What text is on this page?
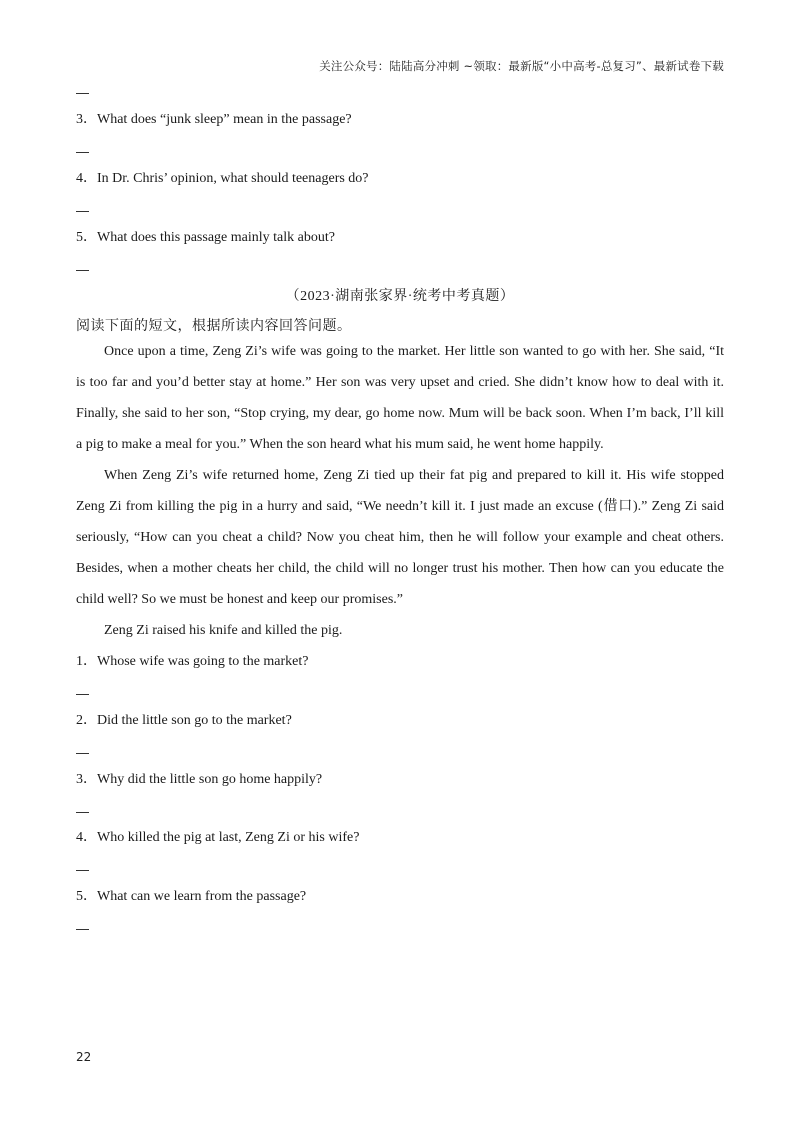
关注公众号：陆陆高分冲刺 ~领取：最新版“小中高考-总复习”、最新试卷下载
3．What does “junk sleep” mean in the passage?
4．In Dr. Chris’ opinion, what should teenagers do?
5．What does this passage mainly talk about?
（2023·湖南张家界·统考中考真题）
阅读下面的短文，根据所读内容回答问题。
Once upon a time, Zeng Zi’s wife was going to the market. Her little son wanted to go with her. She said, “It is too far and you’d better stay at home.” Her son was very upset and cried. She didn’t know how to deal with it. Finally, she said to her son, “Stop crying, my dear, go home now. Mum will be back soon. When I’m back, I’ll kill a pig to make a meal for you.” When the son heard what his mum said, he went home happily.
When Zeng Zi’s wife returned home, Zeng Zi tied up their fat pig and prepared to kill it. His wife stopped Zeng Zi from killing the pig in a hurry and said, “We needn’t kill it. I just made an excuse (借口).” Zeng Zi said seriously, “How can you cheat a child? Now you cheat him, then he will follow your example and cheat others. Besides, when a mother cheats her child, the child will no longer trust his mother. Then how can you educate the child well? So we must be honest and keep our promises.”
Zeng Zi raised his knife and killed the pig.
1．Whose wife was going to the market?
2．Did the little son go to the market?
3．Why did the little son go home happily?
4．Who killed the pig at last, Zeng Zi or his wife?
5．What can we learn from the passage?
22
